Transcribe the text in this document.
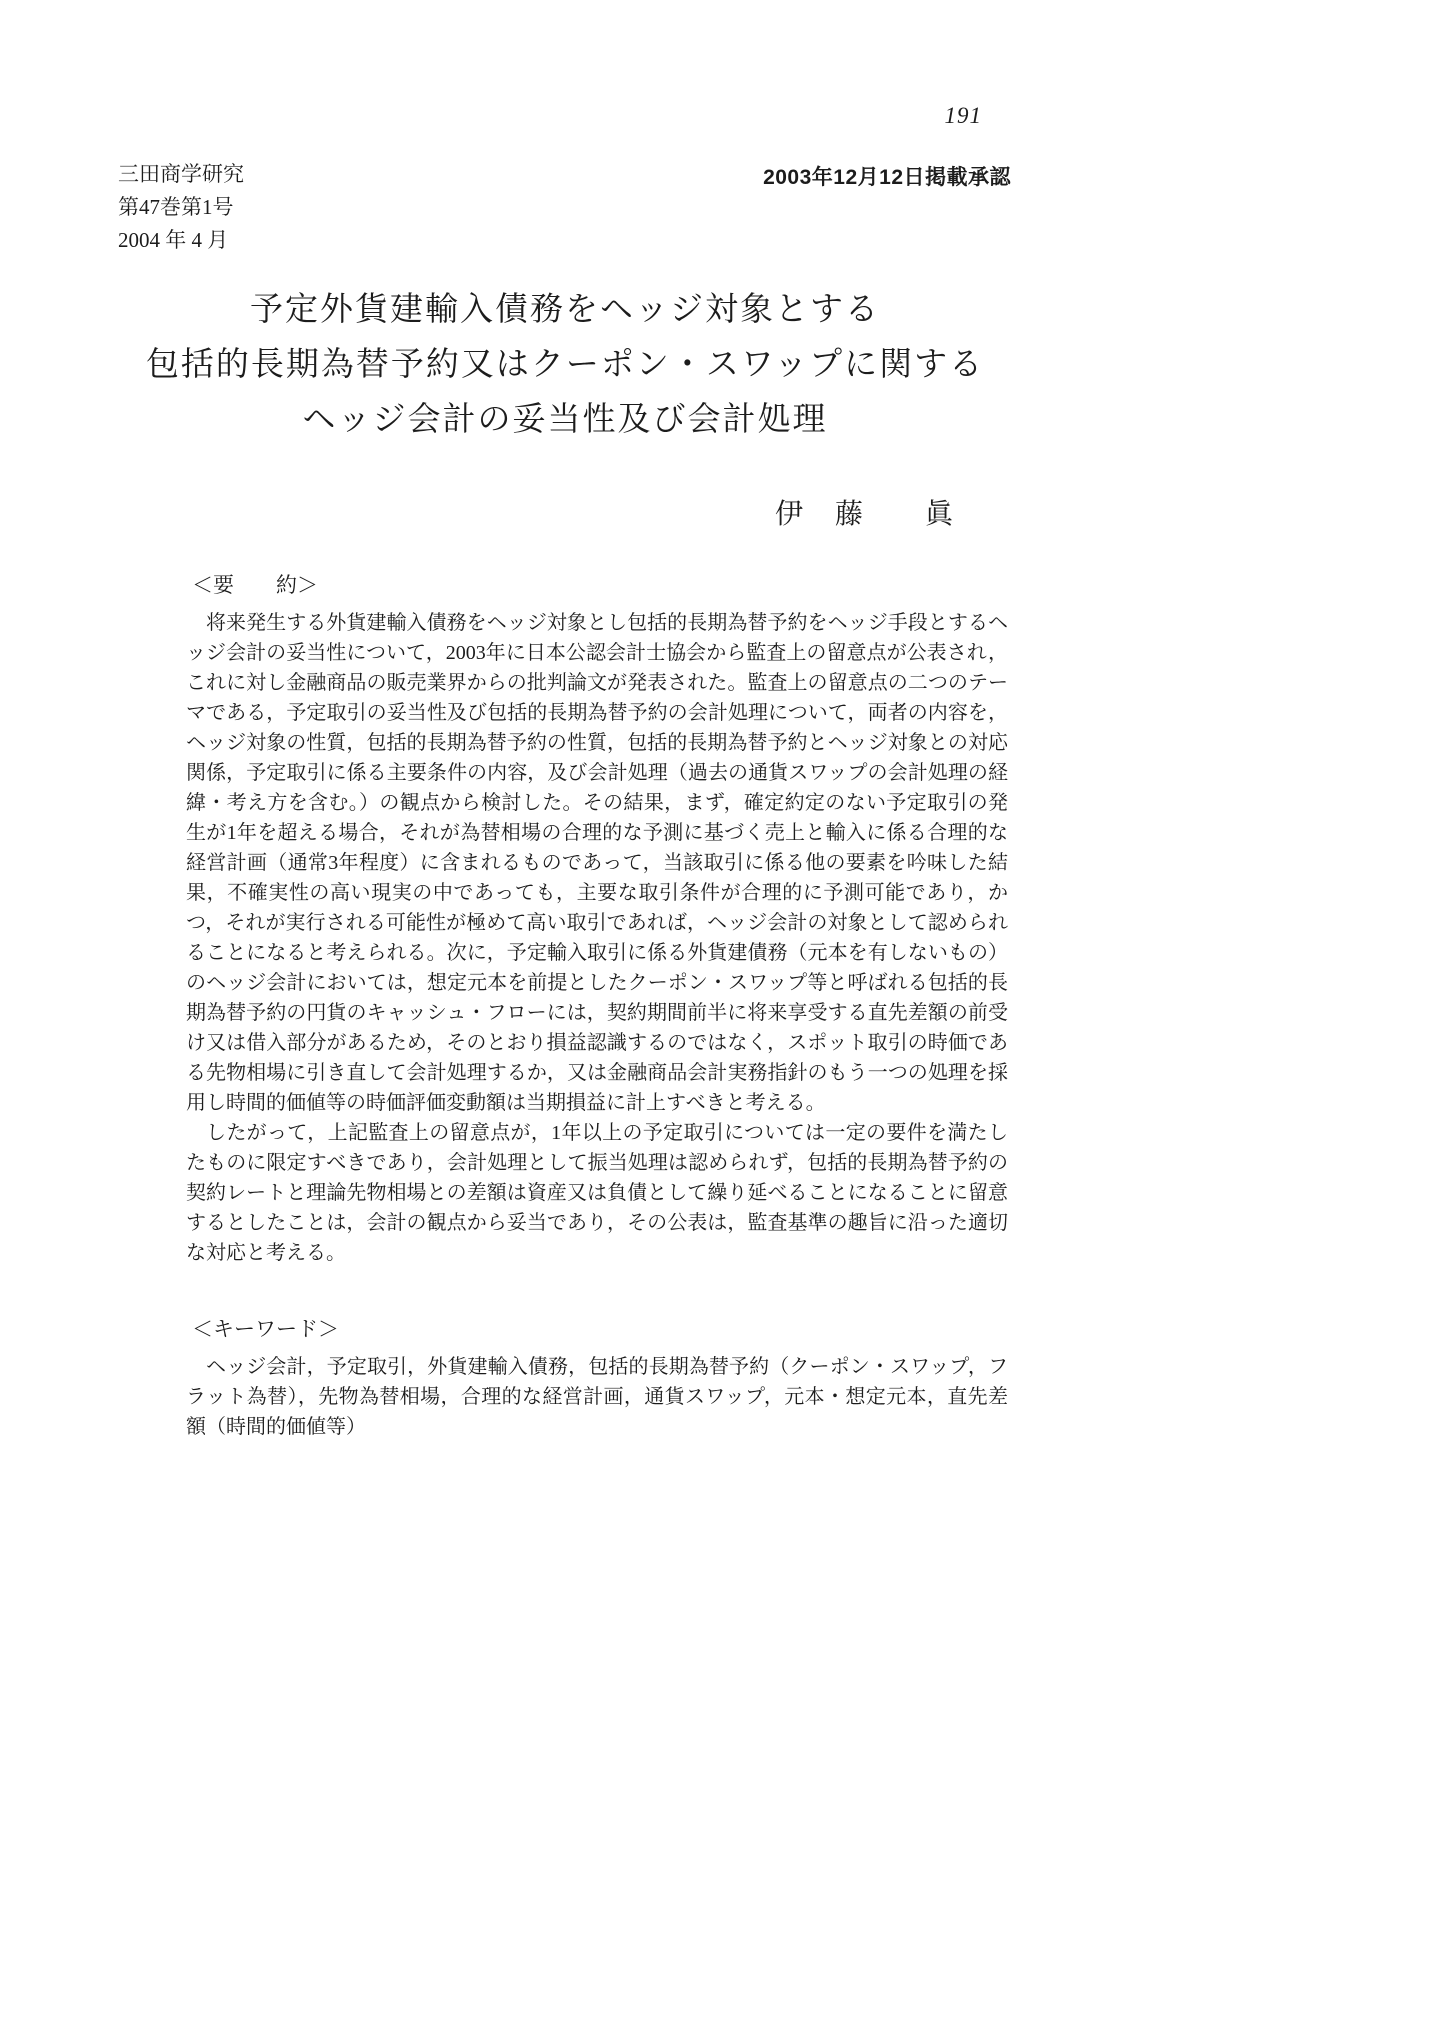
191
三田商学研究
第47巻第1号
2004 年 4 月
2003年12月12日掲載承認
予定外貨建輸入債務をヘッジ対象とする
包括的長期為替予約又はクーポン・スワップに関する
ヘッジ会計の妥当性及び会計処理
伊　藤　　眞
＜要　　約＞

将来発生する外貨建輸入債務をヘッジ対象とし包括的長期為替予約をヘッジ手段とするヘッジ会計の妥当性について，2003年に日本公認会計士協会から監査上の留意点が公表され，これに対し金融商品の販売業界からの批判論文が発表された。監査上の留意点の二つのテーマである，予定取引の妥当性及び包括的長期為替予約の会計処理について，両者の内容を，ヘッジ対象の性質，包括的長期為替予約の性質，包括的長期為替予約とヘッジ対象との対応関係，予定取引に係る主要条件の内容，及び会計処理（過去の通貨スワップの会計処理の経緯・考え方を含む。）の観点から検討した。その結果，まず，確定約定のない予定取引の発生が1年を超える場合，それが為替相場の合理的な予測に基づく売上と輸入に係る合理的な経営計画（通常3年程度）に含まれるものであって，当該取引に係る他の要素を吟味した結果，不確実性の高い現実の中であっても，主要な取引条件が合理的に予測可能であり，かつ，それが実行される可能性が極めて高い取引であれば，ヘッジ会計の対象として認められることになると考えられる。次に，予定輸入取引に係る外貨建債務（元本を有しないもの）のヘッジ会計においては，想定元本を前提としたクーポン・スワップ等と呼ばれる包括的長期為替予約の円貨のキャッシュ・フローには，契約期間前半に将来享受する直先差額の前受け又は借入部分があるため，そのとおり損益認識するのではなく，スポット取引の時価である先物相場に引き直して会計処理するか，又は金融商品会計実務指針のもう一つの処理を採用し時間的価値等の時価評価変動額は当期損益に計上すべきと考える。

したがって，上記監査上の留意点が，1年以上の予定取引については一定の要件を満たしたものに限定すべきであり，会計処理として振当処理は認められず，包括的長期為替予約の契約レートと理論先物相場との差額は資産又は負債として繰り延べることになることに留意するとしたことは，会計の観点から妥当であり，その公表は，監査基準の趣旨に沿った適切な対応と考える。

＜キーワード＞

ヘッジ会計，予定取引，外貨建輸入債務，包括的長期為替予約（クーポン・スワップ，フラット為替），先物為替相場，合理的な経営計画，通貨スワップ，元本・想定元本，直先差額（時間的価値等）
